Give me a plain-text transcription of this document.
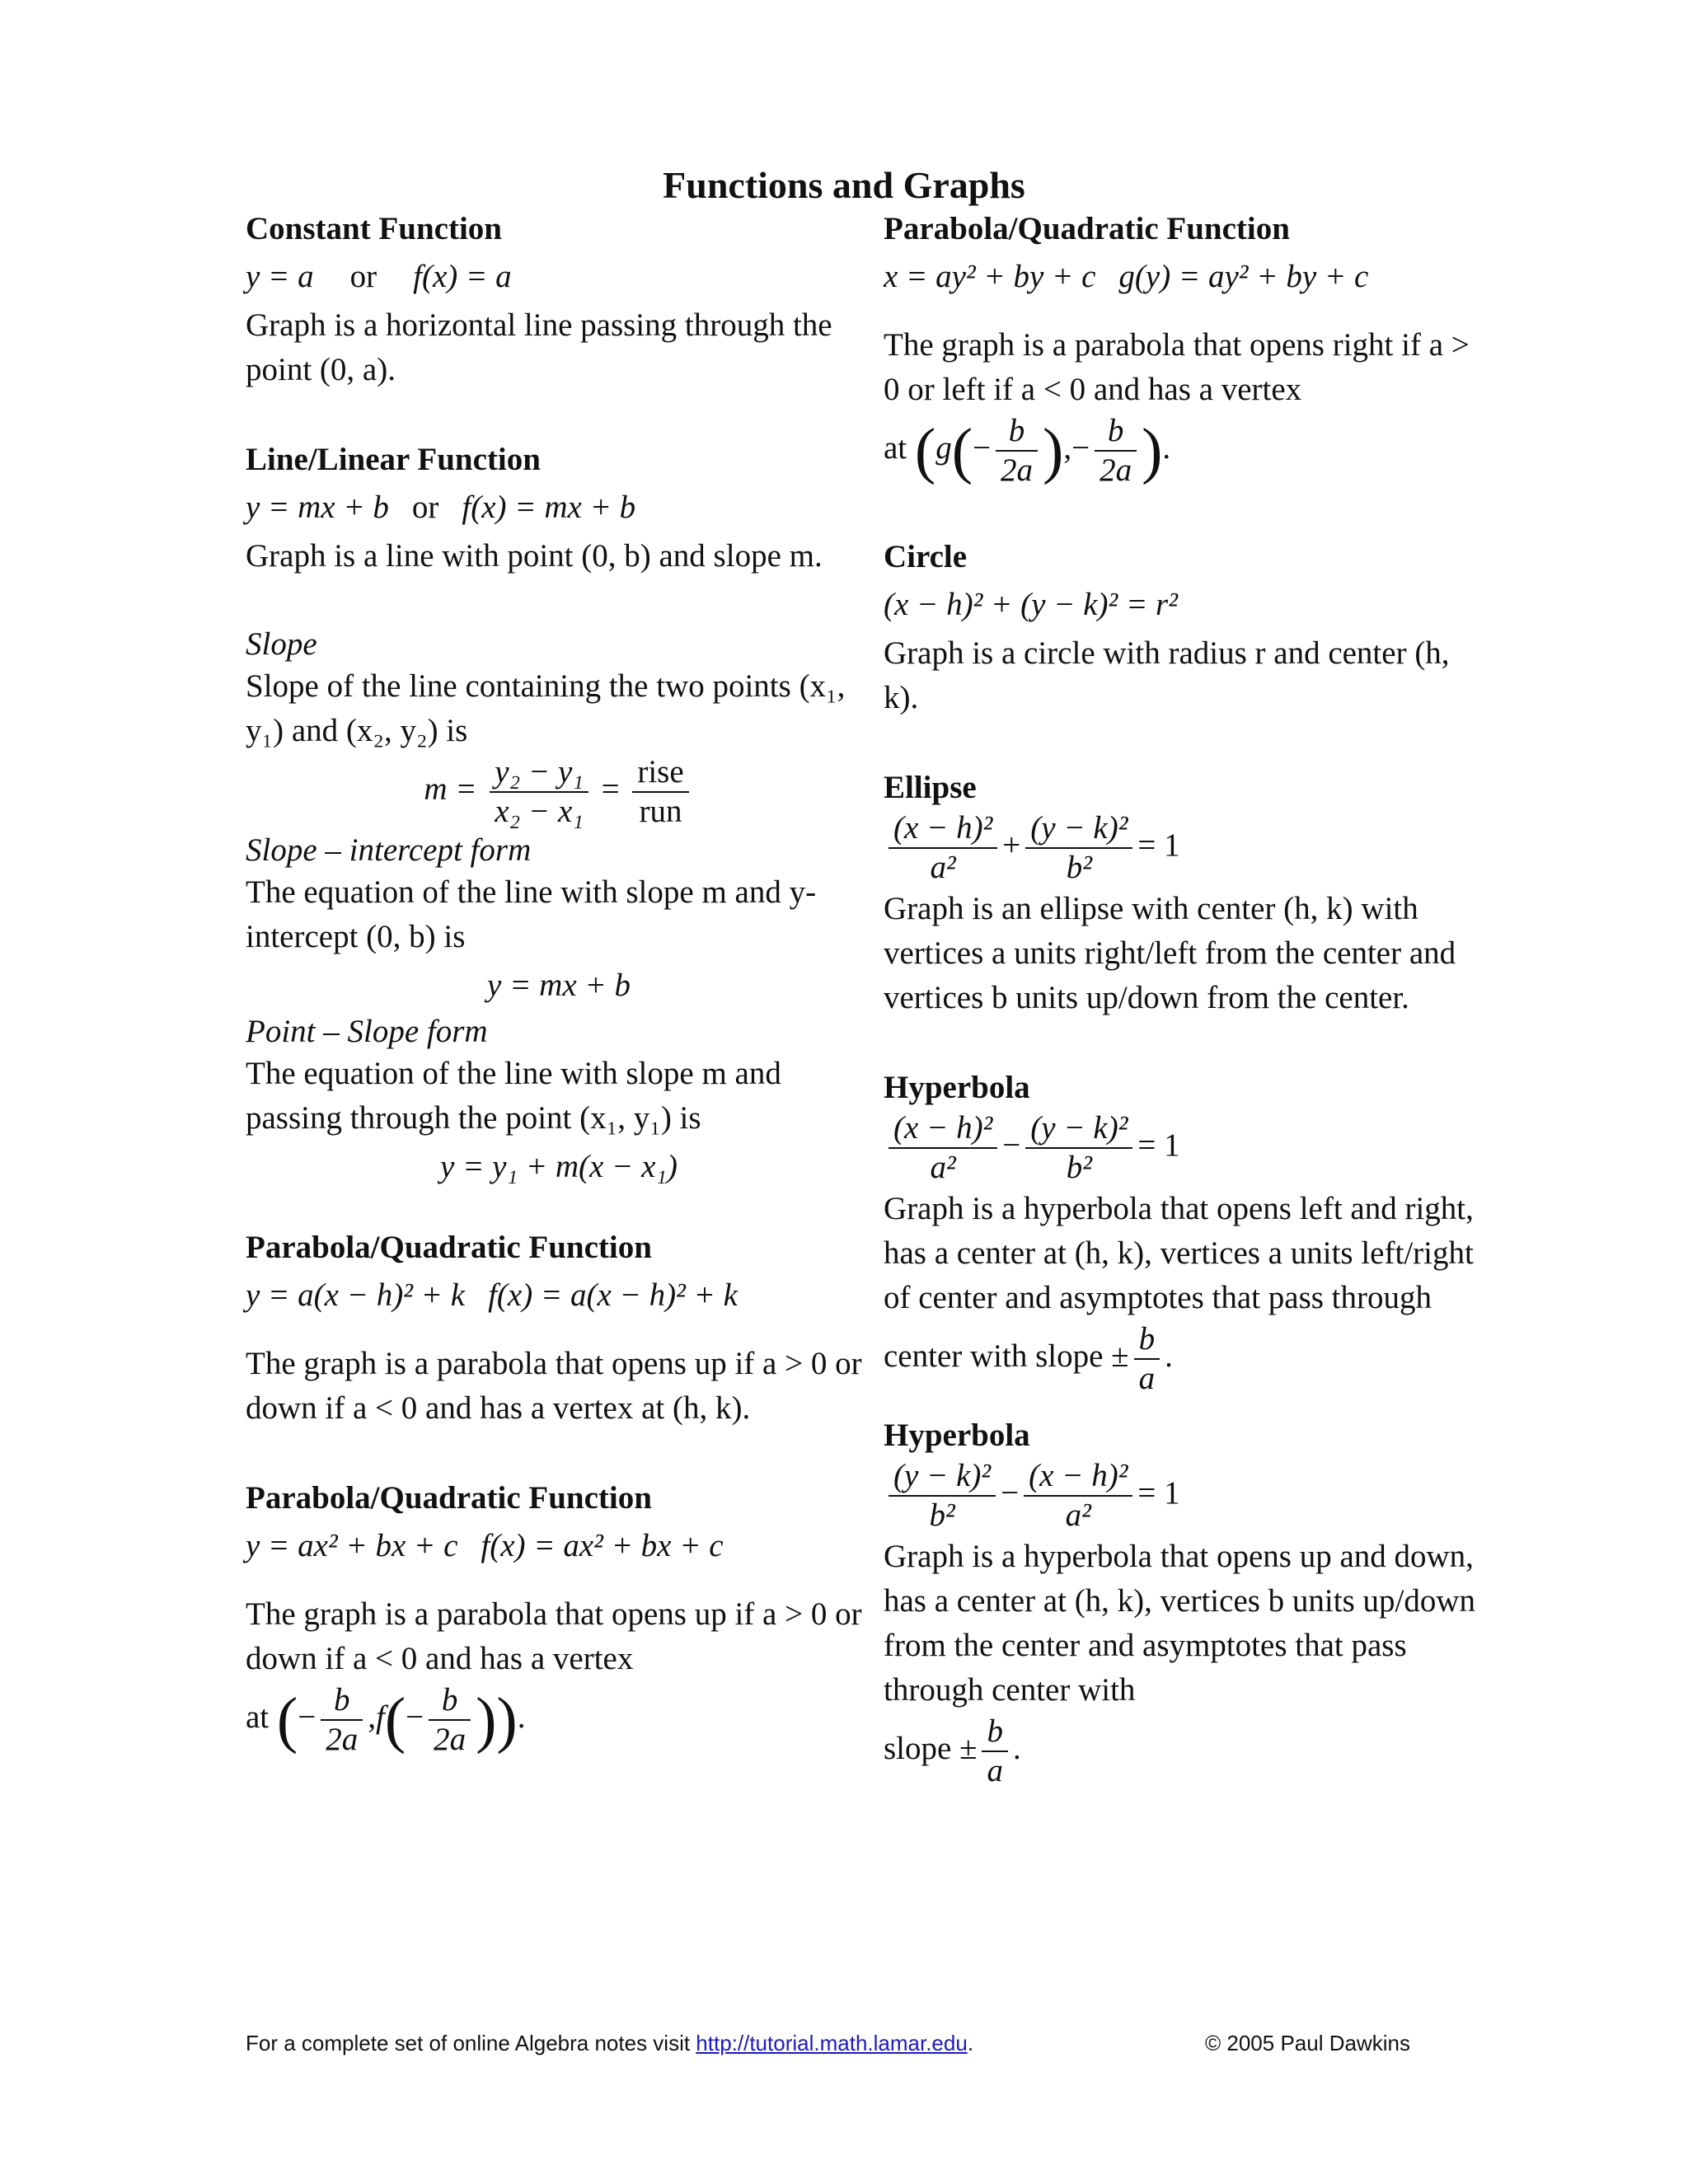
Functions and Graphs

Constant Function

y = a or f(x) = a

Graph is a horizontal line passing through the point (0, a).

Line/Linear Function

y = mx + b or f(x) = mx + b

Graph is a line with point (0, b) and slope m.

Slope

Slope of the line containing the two points (x₁, y₁) and (x₂, y₂) is

$m = \frac{\text{y₂ − y₁}}{\text{x₂ − x₁}} = \frac{\text{rise}}{\text{run}}$

Slope – intercept form

The equation of the line with slope m and y-intercept (0, b) is

y = mx + b

Point – Slope form

The equation of the line with slope m and passing through the point (x₁, y₁) is

y = y₁ + m(x − x₁)

Parabola/Quadratic Function

y = a(x − h)² + k f(x) = a(x − h)² + k

The graph is a parabola that opens up if a > 0 or down if a < 0 and has a vertex at (h, k).

Parabola/Quadratic Function

y = ax² + bx + c f(x) = ax² + bx + c

The graph is a parabola that opens up if a > 0 or down if a < 0 and has a vertex

at (− $\frac{b}{2a} ,f(- \frac{b}{2a}$ )).

Parabola/Quadratic Function

x = ay² + by + c g(y) = ay² + by + c

The graph is a parabola that opens right if a > 0 or left if a < 0 and has a vertex

at ($g(- \frac{b}{2a}$ ),− $\frac{b}{2a}$ ).

Circle

(x − h)² + (y − k)² = r²

Graph is a circle with radius r and center (h, k).

Ellipse

$\frac{\text{(x − h)²}}{\text{a²}} + \frac{\text{(y − k)²}}{\text{b²}} = 1$

Graph is an ellipse with center (h, k) with vertices a units right/left from the center and vertices b units up/down from the center.

Hyperbola

$\frac{\text{(x − h)²}}{\text{a²}} - \frac{\text{(y − k)²}}{\text{b²}} = 1$

Graph is a hyperbola that opens left and right, has a center at (h, k), vertices a units left/right of center and asymptotes that pass through center with slope ± $\frac{b}{a}$ .

Hyperbola

$\frac{\text{(y − k)²}}{\text{b²}} - \frac{\text{(x − h)²}}{\text{a²}} = 1$

Graph is a hyperbola that opens up and down, has a center at (h, k), vertices b units up/down from the center and asymptotes that pass through center with

slope ± $\frac{b}{a}$ .

For a complete set of online Algebra notes visit http://tutorial.math.lamar.edu.	© 2005 Paul Dawkins
